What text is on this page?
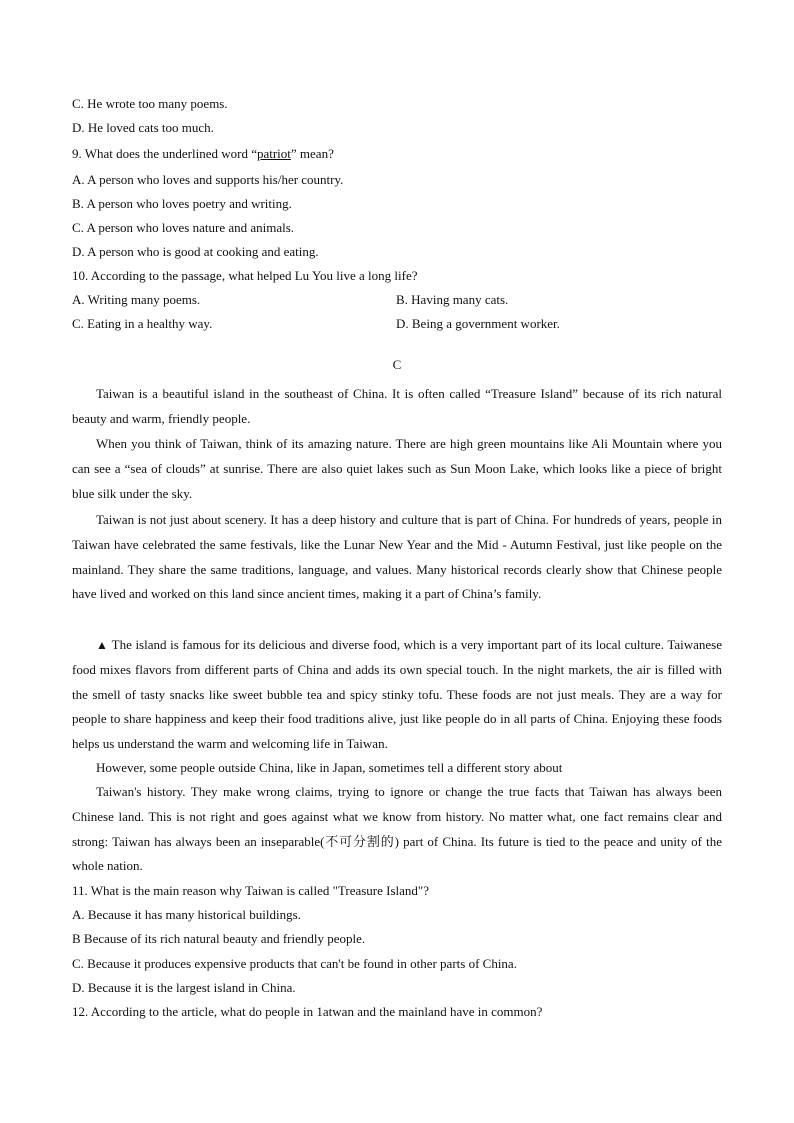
C. He wrote too many poems.
D. He loved cats too much.
9. What does the underlined word “patriot” mean?
A. A person who loves and supports his/her country.
B. A person who loves poetry and writing.
C. A person who loves nature and animals.
D. A person who is good at cooking and eating.
10. According to the passage, what helped Lu You live a long life?
A. Writing many poems.	B. Having many cats.
C. Eating in a healthy way.	D. Being a government worker.
C

Taiwan is a beautiful island in the southeast of China. It is often called “Treasure Island” because of its rich natural beauty and warm, friendly people.

When you think of Taiwan, think of its amazing nature. There are high green mountains like Ali Mountain where you can see a “sea of clouds” at sunrise. There are also quiet lakes such as Sun Moon Lake, which looks like a piece of bright blue silk under the sky.

Taiwan is not just about scenery. It has a deep history and culture that is part of China. For hundreds of years, people in Taiwan have celebrated the same festivals, like the Lunar New Year and the Mid - Autumn Festival, just like people on the mainland. They share the same traditions, language, and values. Many historical records clearly show that Chinese people have lived and worked on this land since ancient times, making it a part of China’s family.

▲ The island is famous for its delicious and diverse food, which is a very important part of its local culture. Taiwanese food mixes flavors from different parts of China and adds its own special touch. In the night markets, the air is filled with the smell of tasty snacks like sweet bubble tea and spicy stinky tofu. These foods are not just meals. They are a way for people to share happiness and keep their food traditions alive, just like people do in all parts of China. Enjoying these foods helps us understand the warm and welcoming life in Taiwan.

However, some people outside China, like in Japan, sometimes tell a different story about

Taiwan's history. They make wrong claims, trying to ignore or change the true facts that Taiwan has always been Chinese land. This is not right and goes against what we know from history. No matter what, one fact remains clear and strong: Taiwan has always been an inseparable(不可分割的) part of China. Its future is tied to the peace and unity of the whole nation.

11. What is the main reason why Taiwan is called "Treasure Island"?
A. Because it has many historical buildings.
B Because of its rich natural beauty and friendly people.
C. Because it produces expensive products that can't be found in other parts of China.
D. Because it is the largest island in China.
12. According to the article, what do people in 1atwan and the mainland have in common?
